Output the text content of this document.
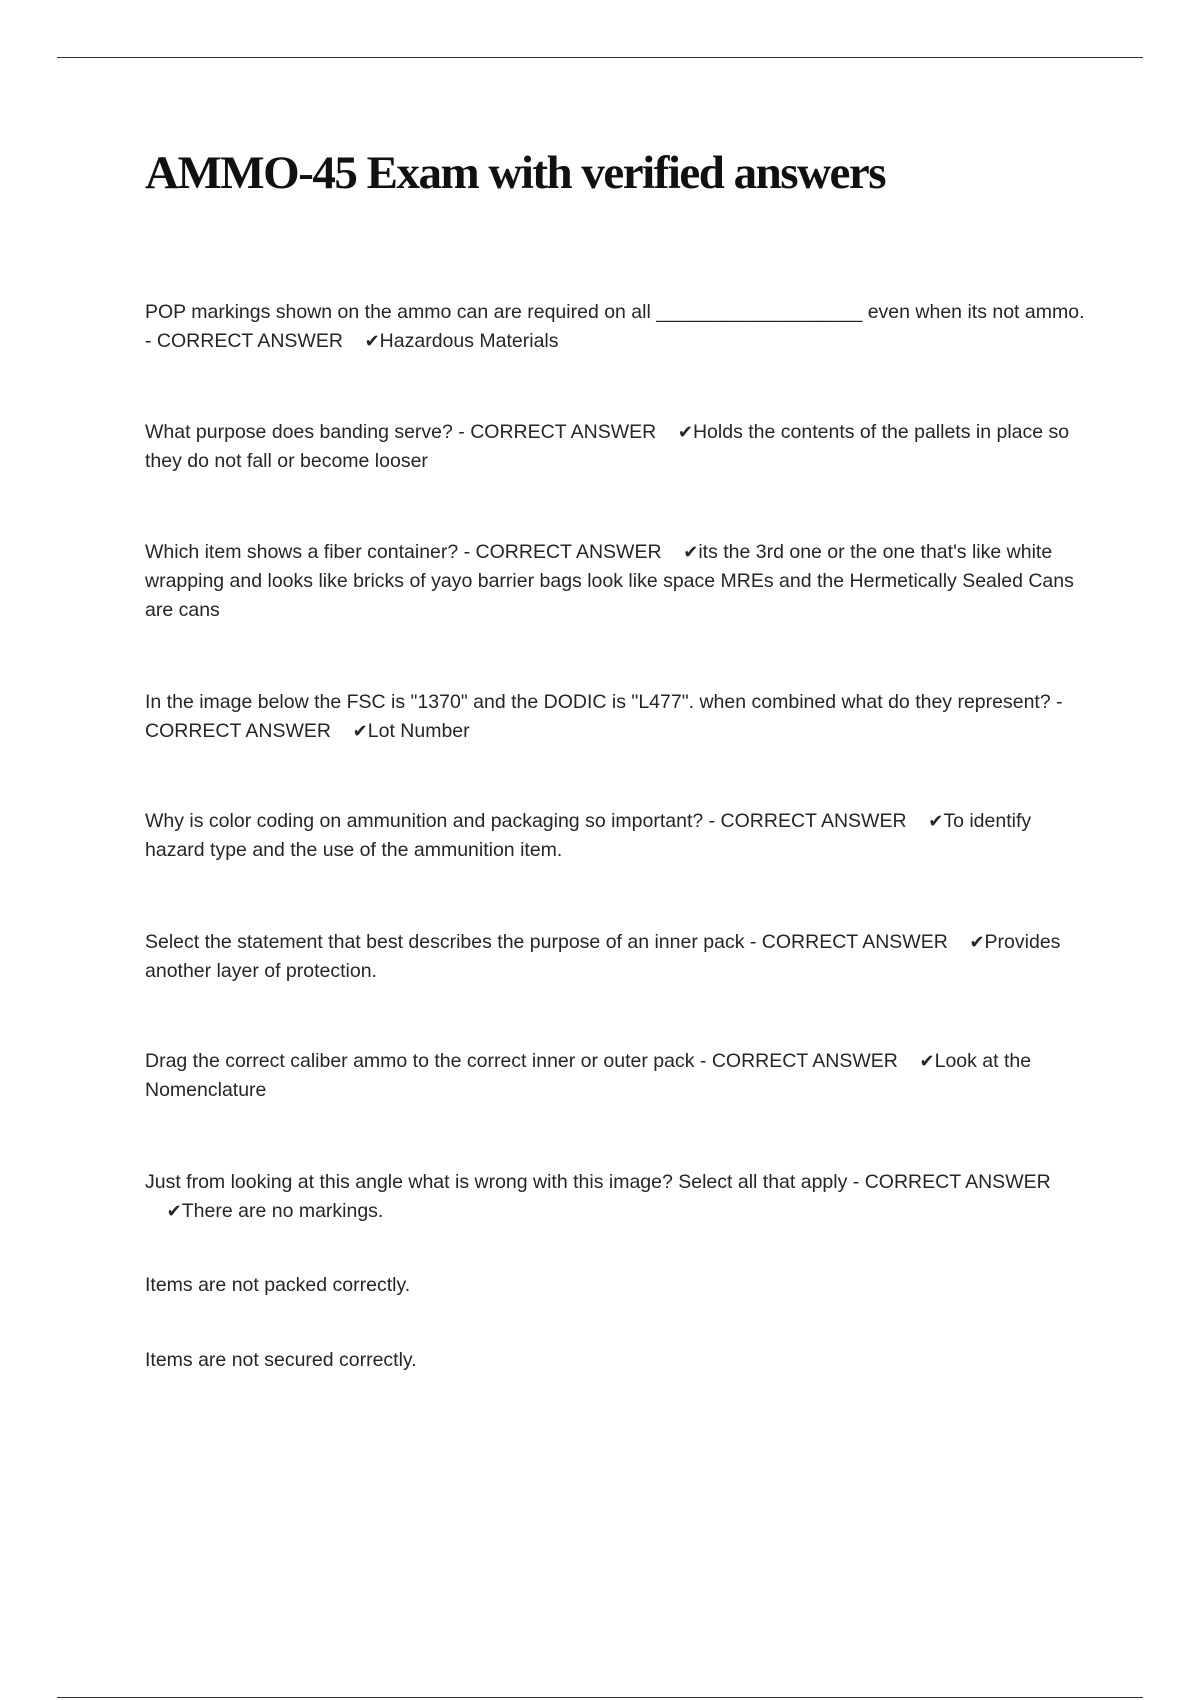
AMMO-45 Exam with verified answers

POP markings shown on the ammo can are required on all ___________________ even when its not ammo. - CORRECT ANSWER ✔Hazardous Materials

What purpose does banding serve? - CORRECT ANSWER ✔Holds the contents of the pallets in place so they do not fall or become looser

Which item shows a fiber container? - CORRECT ANSWER ✔its the 3rd one or the one that's like white wrapping and looks like bricks of yayo barrier bags look like space MREs and the Hermetically Sealed Cans are cans

In the image below the FSC is "1370" and the DODIC is "L477". when combined what do they represent? - CORRECT ANSWER ✔Lot Number

Why is color coding on ammunition and packaging so important? - CORRECT ANSWER ✔To identify hazard type and the use of the ammunition item.

Select the statement that best describes the purpose of an inner pack - CORRECT ANSWER ✔Provides another layer of protection.

Drag the correct caliber ammo to the correct inner or outer pack - CORRECT ANSWER ✔Look at the Nomenclature

Just from looking at this angle what is wrong with this image? Select all that apply - CORRECT ANSWER    ✔There are no markings.

Items are not packed correctly.

Items are not secured correctly.
